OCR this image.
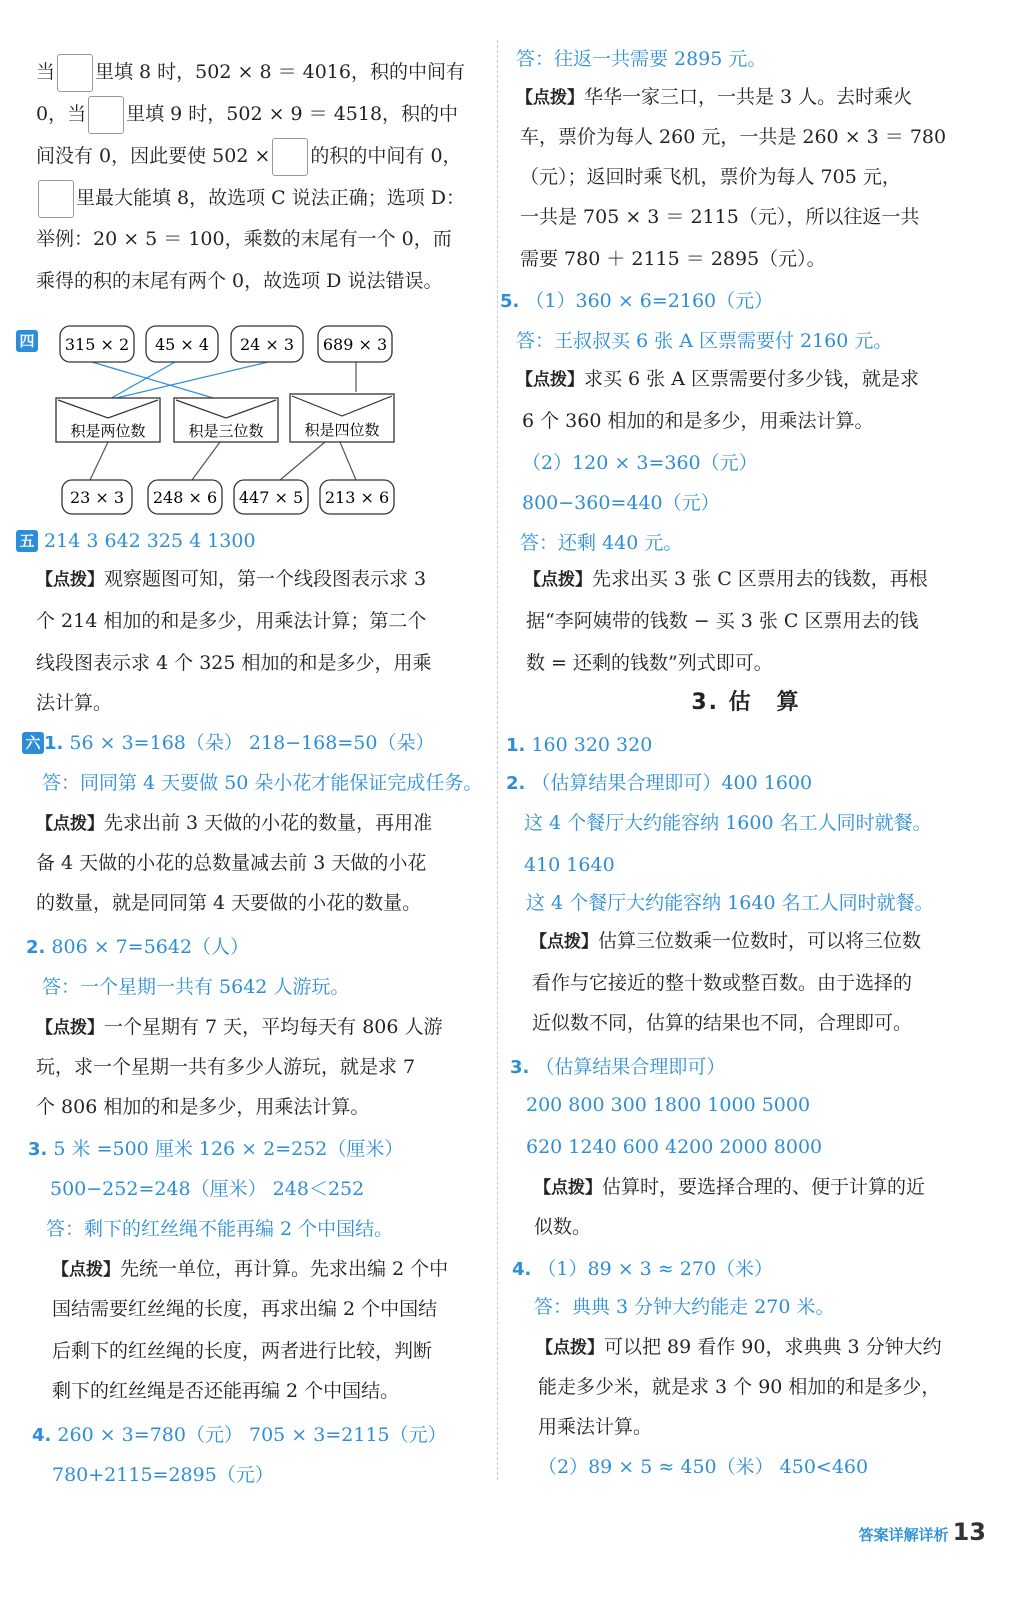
当 里填 8 时，502 × 8 ＝ 4016，积的中间有
0，当 里填 9 时，502 × 9 ＝ 4518，积的中
间没有 0，因此要使 502 × 的积的中间有 0，
里最大能填 8，故选项 C 说法正确；选项 D：
举例：20 × 5 ＝ 100，乘数的末尾有一个 0，而
乘得的积的末尾有两个 0，故选项 D 说法错误。
四 315 × 2 45 × 4 24 × 3 689 × 3
积是两位数	积是三位数	积是四位数
23 × 3 248 × 6 447 × 5 213 × 6
五 214 3 642 325 4 1300
【点拨】观察题图可知，第一个线段图表示求 3
个 214 相加的和是多少，用乘法计算；第二个
线段图表示求 4 个 325 相加的和是多少，用乘
法计算。
六 1. 56 × 3=168（朵） 218−168=50（朵）
答：同同第 4 天要做 50 朵小花才能保证完成任务。
【点拨】先求出前 3 天做的小花的数量，再用准
备 4 天做的小花的总数量减去前 3 天做的小花
的数量，就是同同第 4 天要做的小花的数量。
2. 806 × 7=5642（人）
答：一个星期一共有 5642 人游玩。
【点拨】一个星期有 7 天，平均每天有 806 人游
玩，求一个星期一共有多少人游玩，就是求 7
个 806 相加的和是多少，用乘法计算。
3. 5 米 =500 厘米 126 × 2=252（厘米）
500−252=248（厘米） 248＜252
答：剩下的红丝绳不能再编 2 个中国结。
【点拨】先统一单位，再计算。先求出编 2 个中
国结需要红丝绳的长度，再求出编 2 个中国结
后剩下的红丝绳的长度，两者进行比较，判断
剩下的红丝绳是否还能再编 2 个中国结。
4. 260 × 3=780（元） 705 × 3=2115（元）
780+2115=2895（元）
答：往返一共需要 2895 元。
【点拨】华华一家三口，一共是 3 人。去时乘火
车，票价为每人 260 元，一共是 260 × 3 ＝ 780
（元）；返回时乘飞机，票价为每人 705 元，
一共是 705 × 3 ＝ 2115（元），所以往返一共
需要 780 ＋ 2115 ＝ 2895（元）。
5. （1）360 × 6=2160（元）
答：王叔叔买 6 张 A 区票需要付 2160 元。
【点拨】求买 6 张 A 区票需要付多少钱，就是求
6 个 360 相加的和是多少，用乘法计算。
（2）120 × 3=360（元）
800−360=440（元）
答：还剩 440 元。
【点拨】先求出买 3 张 C 区票用去的钱数，再根
据“李阿姨带的钱数 − 买 3 张 C 区票用去的钱
数 = 还剩的钱数”列式即可。
3. 估　算
1. 160 320 320
2. （估算结果合理即可）400 1600
这 4 个餐厅大约能容纳 1600 名工人同时就餐。
410 1640
这 4 个餐厅大约能容纳 1640 名工人同时就餐。
【点拨】估算三位数乘一位数时，可以将三位数
看作与它接近的整十数或整百数。由于选择的
近似数不同，估算的结果也不同，合理即可。
3. （估算结果合理即可）
200 800 300 1800 1000 5000
620 1240 600 4200 2000 8000
【点拨】估算时，要选择合理的、便于计算的近
似数。
4. （1）89 × 3 ≈ 270（米）
答：典典 3 分钟大约能走 270 米。
【点拨】可以把 89 看作 90，求典典 3 分钟大约
能走多少米，就是求 3 个 90 相加的和是多少，
用乘法计算。
（2）89 × 5 ≈ 450（米） 450<460
答案详解详析 13
